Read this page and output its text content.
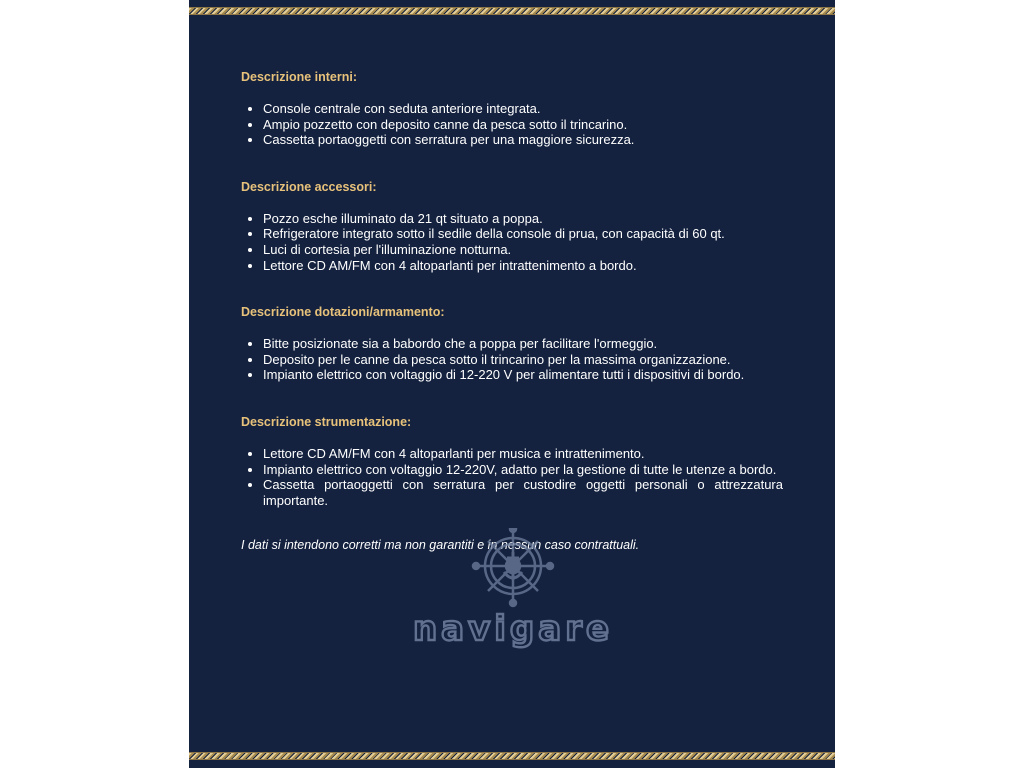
Descrizione interni:

• Console centrale con seduta anteriore integrata.
• Ampio pozzetto con deposito canne da pesca sotto il trincarino.
• Cassetta portaoggetti con serratura per una maggiore sicurezza.

Descrizione accessori:

• Pozzo esche illuminato da 21 qt situato a poppa.
• Refrigeratore integrato sotto il sedile della console di prua, con capacità di 60 qt.
• Luci di cortesia per l'illuminazione notturna.
• Lettore CD AM/FM con 4 altoparlanti per intrattenimento a bordo.

Descrizione dotazioni/armamento:

• Bitte posizionate sia a babordo che a poppa per facilitare l'ormeggio.
• Deposito per le canne da pesca sotto il trincarino per la massima organizzazione.
• Impianto elettrico con voltaggio di 12-220 V per alimentare tutti i dispositivi di bordo.

Descrizione strumentazione:

• Lettore CD AM/FM con 4 altoparlanti per musica e intrattenimento.
• Impianto elettrico con voltaggio 12-220V, adatto per la gestione di tutte le utenze a bordo.
• Cassetta portaoggetti con serratura per custodire oggetti personali o attrezzatura importante.

I dati si intendono corretti ma non garantiti e in nessun caso contrattuali.

navigare
